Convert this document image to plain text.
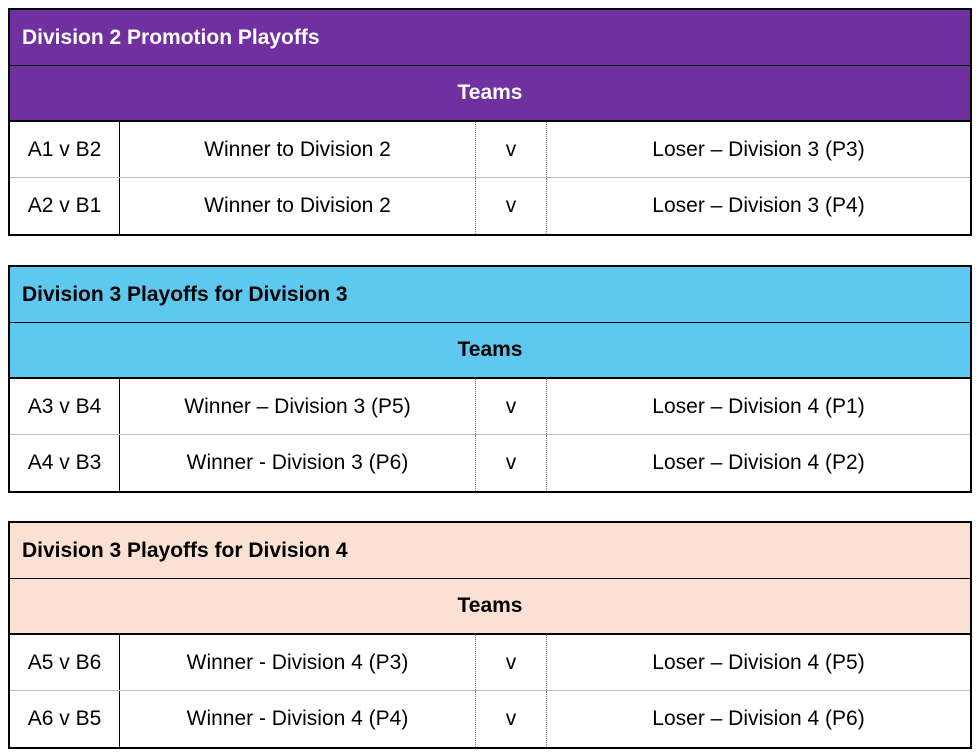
Division 2 Promotion Playoffs
Teams
A1 v B2	Winner to Division 2	v	Loser – Division 3 (P3)
A2 v B1	Winner to Division 2	v	Loser – Division 3 (P4)
Division 3 Playoffs for Division 3
Teams
A3 v B4	Winner – Division 3 (P5)	v	Loser – Division 4 (P1)
A4 v B3	Winner - Division 3 (P6)	v	Loser – Division 4 (P2)
Division 3 Playoffs for Division 4
Teams
A5 v B6	Winner - Division 4 (P3)	v	Loser – Division 4 (P5)
A6 v B5	Winner - Division 4 (P4)	v	Loser – Division 4 (P6)
